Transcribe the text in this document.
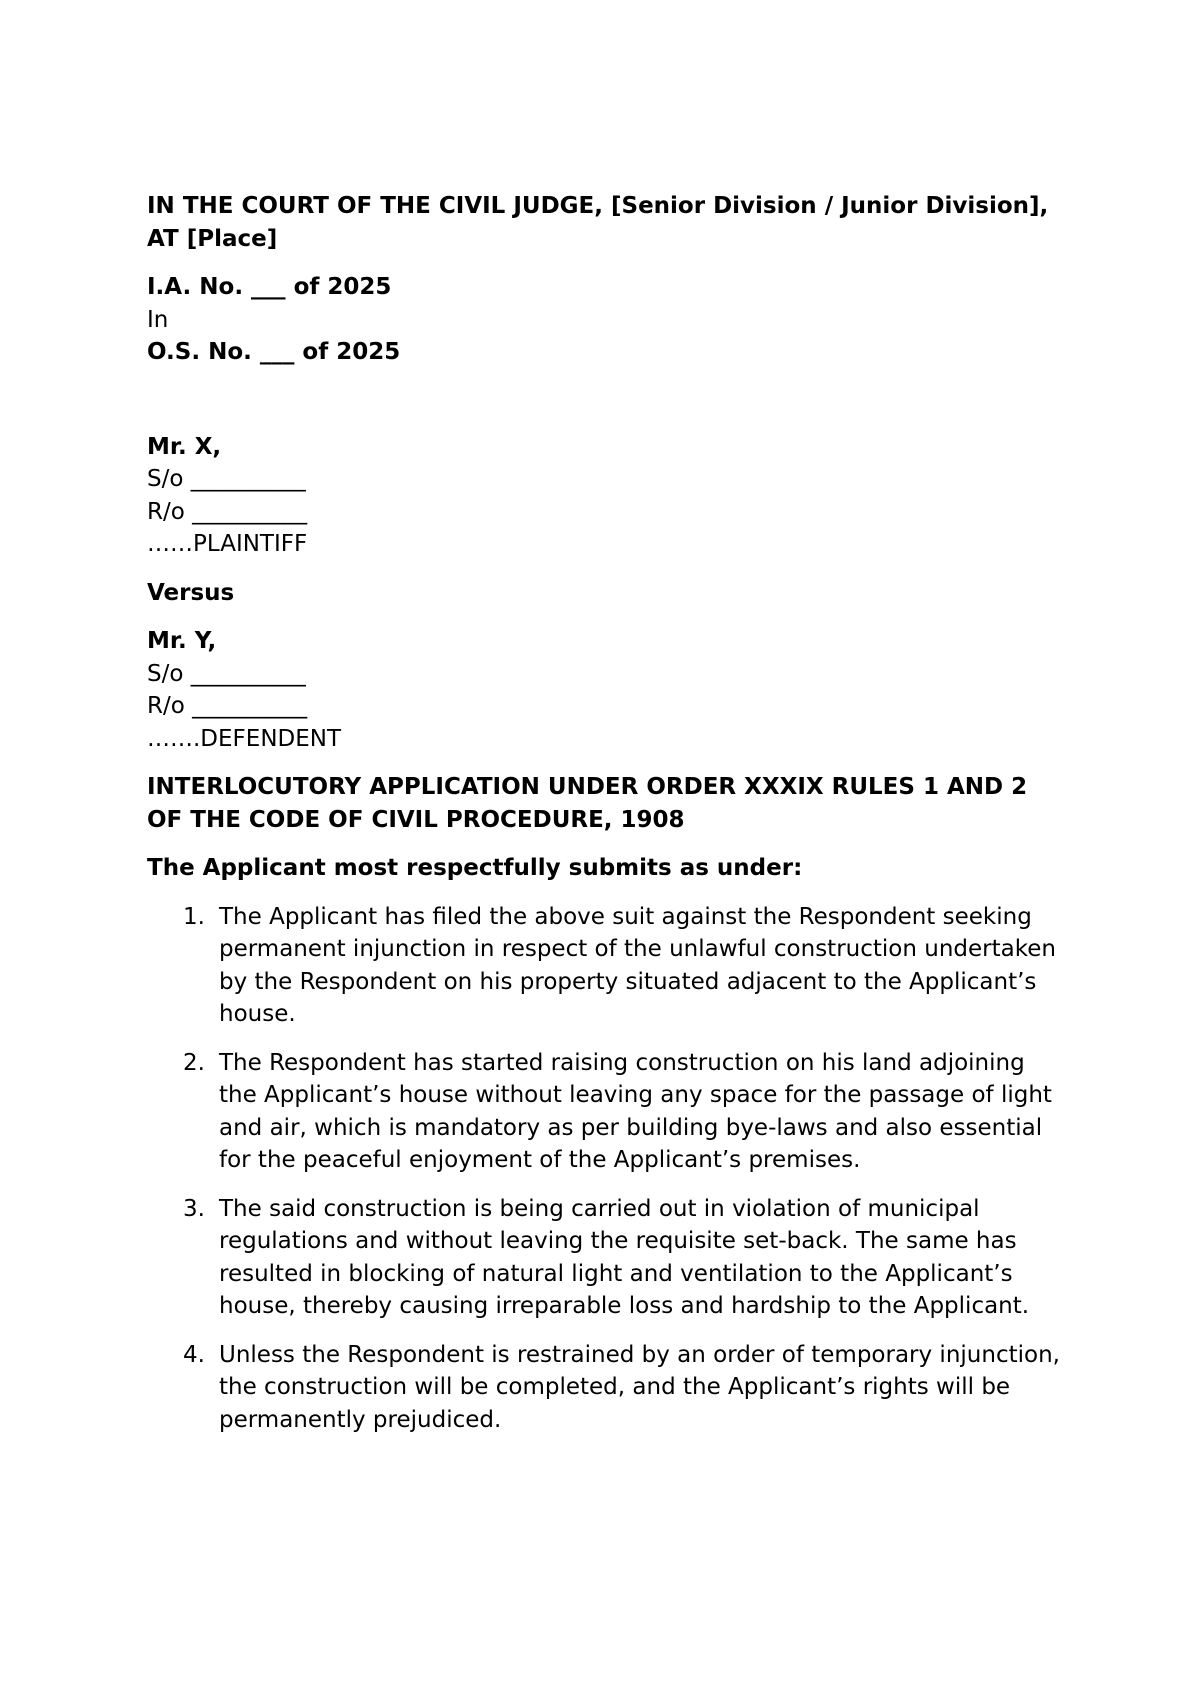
IN THE COURT OF THE CIVIL JUDGE, [Senior Division / Junior Division], AT [Place]

I.A. No. ___ of 2025
In
O.S. No. ___ of 2025
Mr. X,
S/o __________
R/o __________
……PLAINTIFF

Versus

Mr. Y,
S/o __________
R/o __________
…….DEFENDENT

INTERLOCUTORY APPLICATION UNDER ORDER XXXIX RULES 1 AND 2 OF THE CODE OF CIVIL PROCEDURE, 1908

The Applicant most respectfully submits as under:

1. The Applicant has filed the above suit against the Respondent seeking permanent injunction in respect of the unlawful construction undertaken by the Respondent on his property situated adjacent to the Applicant’s house.
2. The Respondent has started raising construction on his land adjoining the Applicant’s house without leaving any space for the passage of light and air, which is mandatory as per building bye-laws and also essential for the peaceful enjoyment of the Applicant’s premises.
3. The said construction is being carried out in violation of municipal regulations and without leaving the requisite set-back. The same has resulted in blocking of natural light and ventilation to the Applicant’s house, thereby causing irreparable loss and hardship to the Applicant.
4. Unless the Respondent is restrained by an order of temporary injunction, the construction will be completed, and the Applicant’s rights will be permanently prejudiced.
